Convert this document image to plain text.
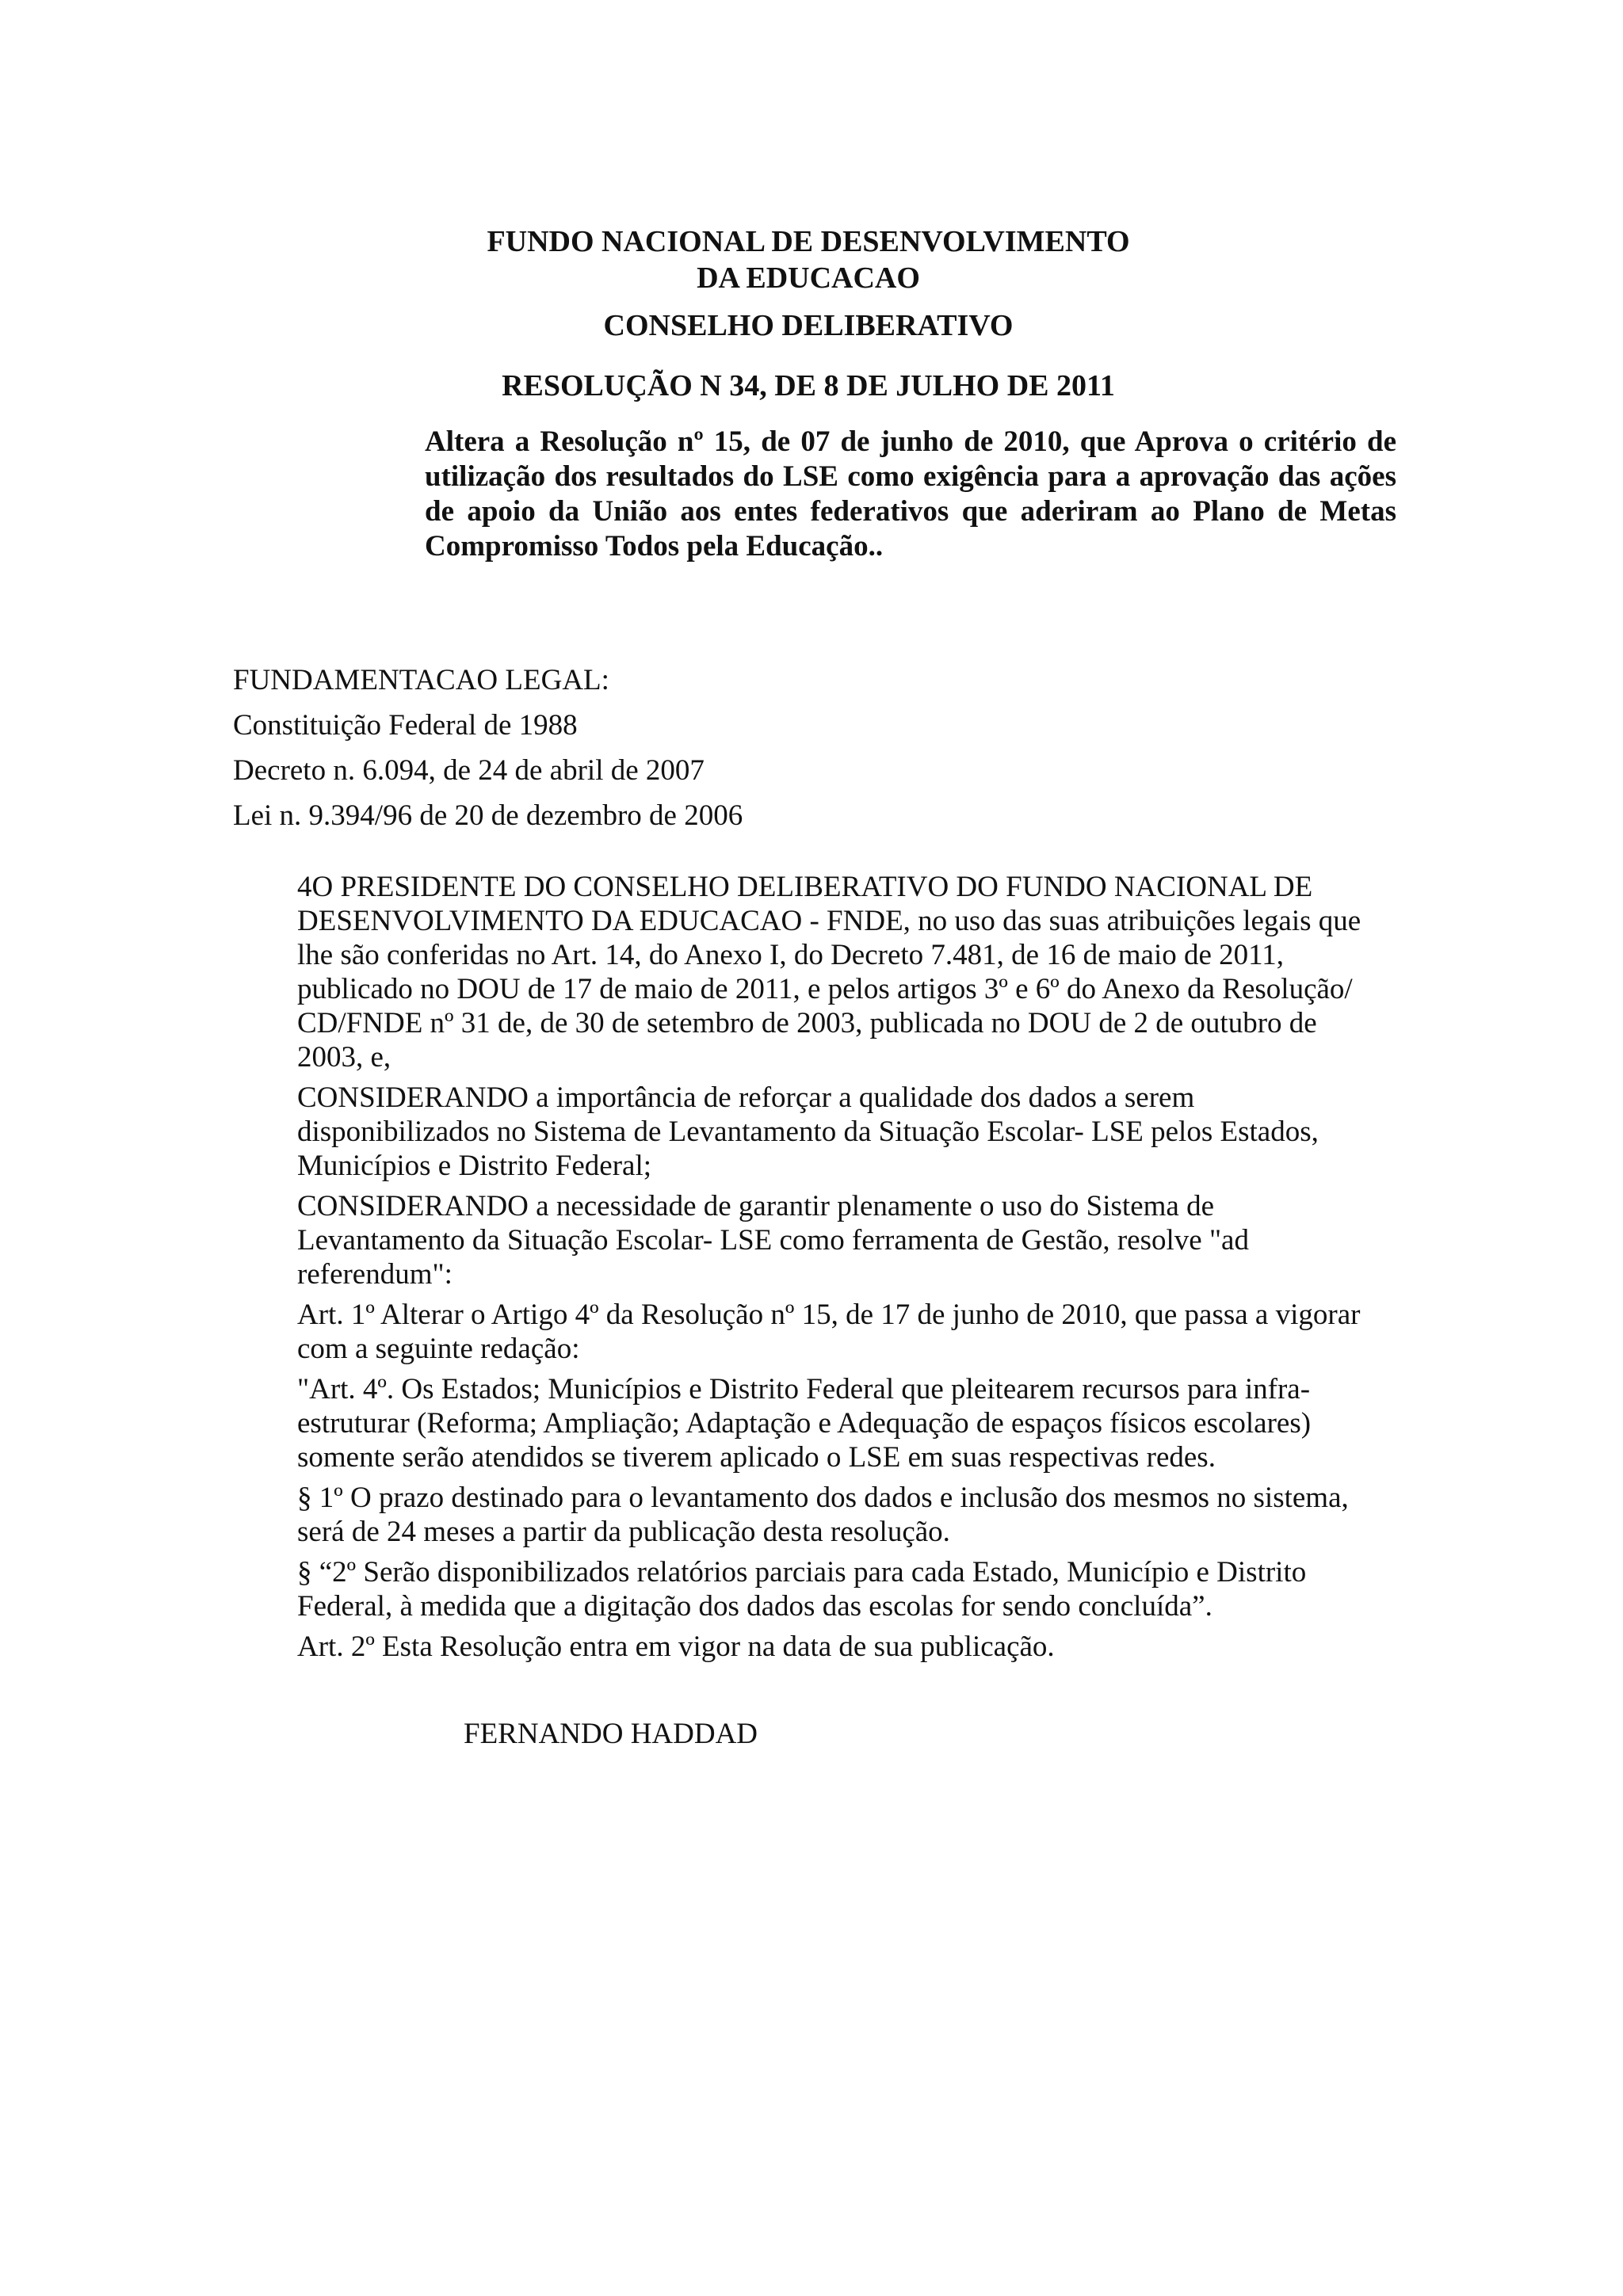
FUNDO NACIONAL DE DESENVOLVIMENTO
DA EDUCACAO
CONSELHO DELIBERATIVO
RESOLUÇÃO N 34, DE 8 DE JULHO DE 2011
Altera a Resolução nº 15, de 07 de junho de 2010, que Aprova o critério de utilização dos resultados do LSE como exigência para a aprovação das ações de apoio da União aos entes federativos que aderiram ao Plano de Metas Compromisso Todos pela Educação..
FUNDAMENTACAO LEGAL:
Constituição Federal de 1988
Decreto n. 6.094, de 24 de abril de 2007
Lei n. 9.394/96 de 20 de dezembro de 2006
4O PRESIDENTE DO CONSELHO DELIBERATIVO DO FUNDO NACIONAL DE
DESENVOLVIMENTO DA EDUCACAO - FNDE, no uso das suas atribuições legais que
lhe são conferidas no Art. 14, do Anexo I, do Decreto 7.481, de 16 de maio de 2011,
publicado no DOU de 17 de maio de 2011, e pelos artigos 3º e 6º do Anexo da Resolução/
CD/FNDE nº 31 de, de 30 de setembro de 2003, publicada no DOU de 2 de outubro de
2003, e,
CONSIDERANDO a importância de reforçar a qualidade dos dados a serem
disponibilizados no Sistema de Levantamento da Situação Escolar- LSE pelos Estados,
Municípios e Distrito Federal;
CONSIDERANDO a necessidade de garantir plenamente o uso do Sistema de
Levantamento da Situação Escolar- LSE como ferramenta de Gestão, resolve "ad
referendum":
Art. 1º Alterar o Artigo 4º da Resolução nº 15, de 17 de junho de 2010, que passa a vigorar
com a seguinte redação:
"Art. 4º. Os Estados; Municípios e Distrito Federal que pleitearem recursos para infra-
estruturar (Reforma; Ampliação; Adaptação e Adequação de espaços físicos escolares)
somente serão atendidos se tiverem aplicado o LSE em suas respectivas redes.
§ 1º O prazo destinado para o levantamento dos dados e inclusão dos mesmos no sistema,
será de 24 meses a partir da publicação desta resolução.
§ “2º Serão disponibilizados relatórios parciais para cada Estado, Município e Distrito
Federal, à medida que a digitação dos dados das escolas for sendo concluída”.
Art. 2º Esta Resolução entra em vigor na data de sua publicação.
FERNANDO HADDAD
